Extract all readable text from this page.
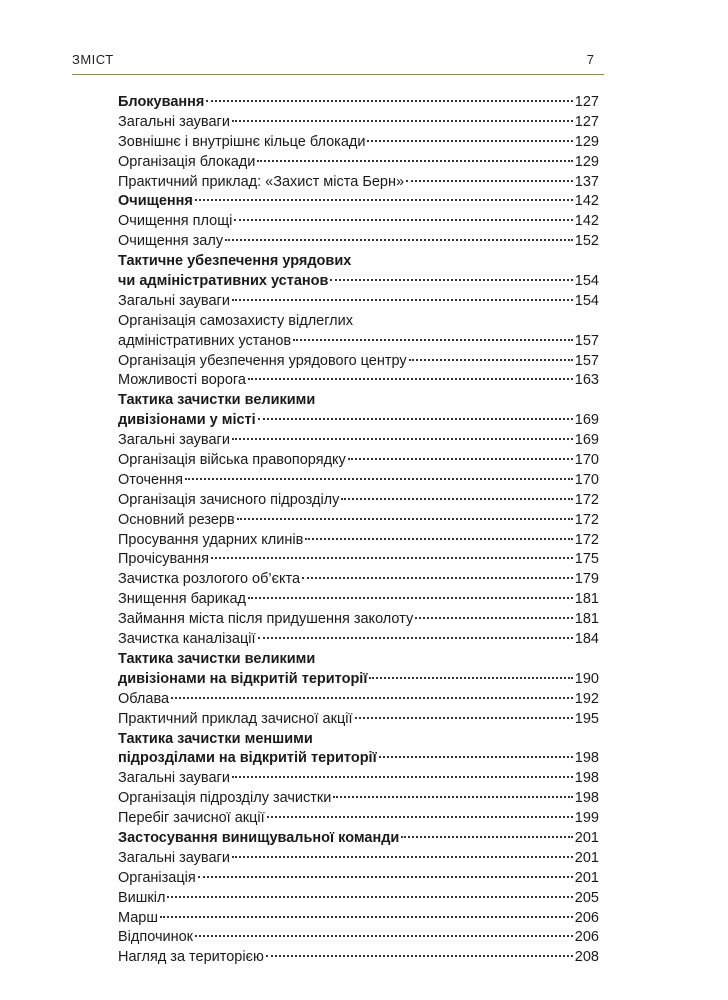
ЗМІСТ	7
Блокування	127
Загальні зауваги	127
Зовнішнє і внутрішнє кільце блокади	129
Організація блокади	129
Практичний приклад: «Захист міста Берн»	137
Очищення	142
Очищення площі	142
Очищення залу	152
Тактичне убезпечення урядових
чи адміністративних установ	154
Загальні зауваги	154
Організація самозахисту відлеглих
адміністративних установ	157
Організація убезпечення урядового центру	157
Можливості ворога	163
Тактика зачистки великими
дивізіонами у місті	169
Загальні зауваги	169
Організація війська правопорядку	170
Оточення	170
Організація зачисного підрозділу	172
Основний резерв	172
Просування ударних клинів	172
Прочісування	175
Зачистка розлогого об’єкта	179
Знищення барикад	181
Займання міста після придушення заколоту	181
Зачистка каналізації	184
Тактика зачистки великими
дивізіонами на відкритій території	190
Облава	192
Практичний приклад зачисної акції	195
Тактика зачистки меншими
підрозділами на відкритій території	198
Загальні зауваги	198
Організація підрозділу зачистки	198
Перебіг зачисної акції	199
Застосування винищувальної команди	201
Загальні зауваги	201
Організація	201
Вишкіл	205
Марш	206
Відпочинок	206
Нагляд за територією	208
